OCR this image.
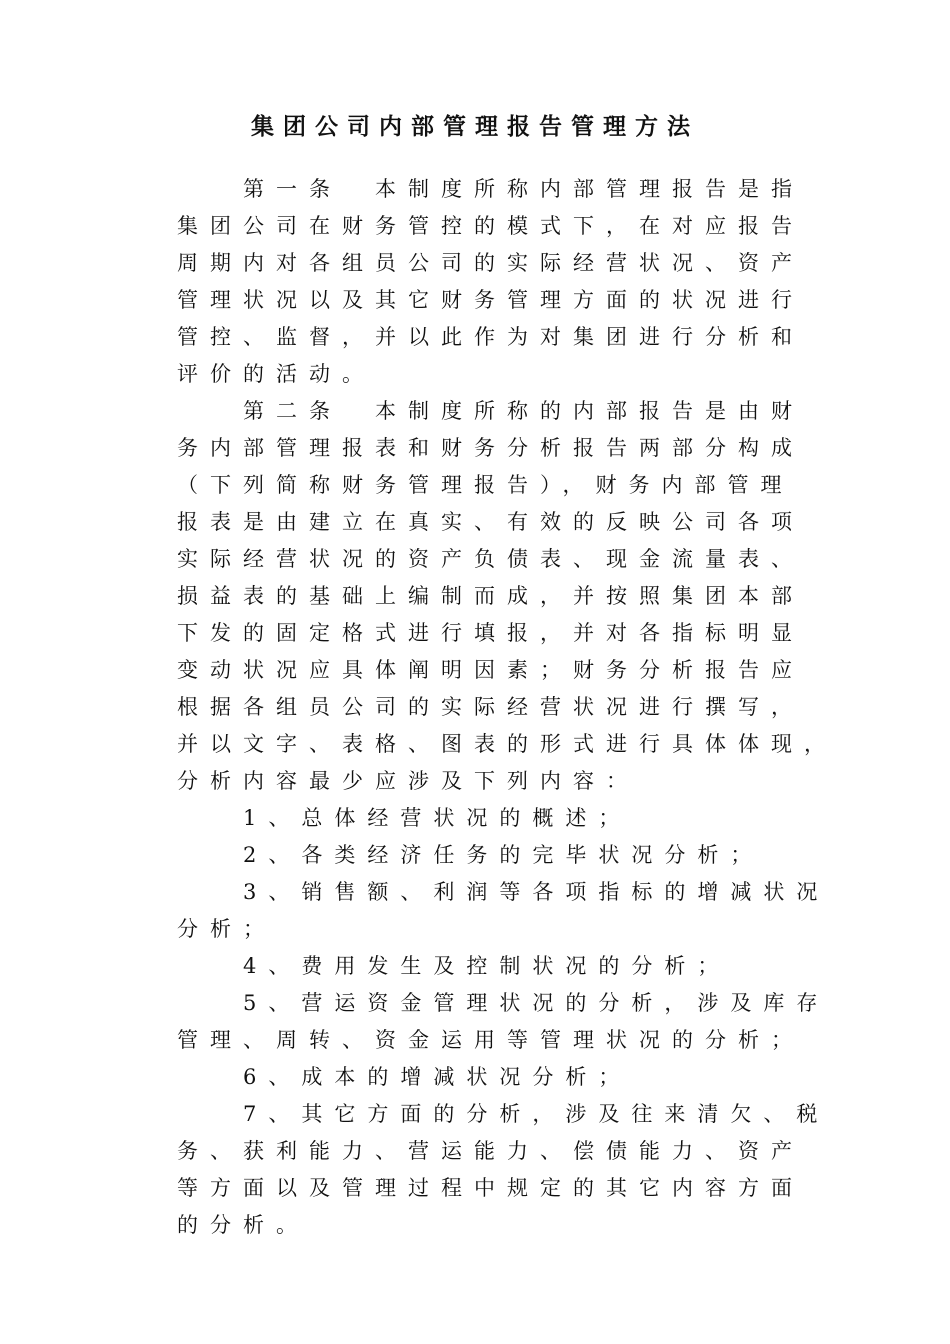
集团公司内部管理报告管理方法
第一条　本制度所称内部管理报告是指
集团公司在财务管控的模式下，在对应报告
周期内对各组员公司的实际经营状况、资产
管理状况以及其它财务管理方面的状况进行
管控、监督，并以此作为对集团进行分析和
评价的活动。
第二条　本制度所称的内部报告是由财
务内部管理报表和财务分析报告两部分构成
（下列简称财务管理报告），财务内部管理
报表是由建立在真实、有效的反映公司各项
实际经营状况的资产负债表、现金流量表、
损益表的基础上编制而成，并按照集团本部
下发的固定格式进行填报，并对各指标明显
变动状况应具体阐明因素；财务分析报告应
根据各组员公司的实际经营状况进行撰写，
并以文字、表格、图表的形式进行具体体现，
分析内容最少应涉及下列内容：
1、总体经营状况的概述；
2、各类经济任务的完毕状况分析；
3、销售额、利润等各项指标的增减状况
分析；
4、费用发生及控制状况的分析；
5、营运资金管理状况的分析，涉及库存
管理、周转、资金运用等管理状况的分析；
6、成本的增减状况分析；
7、其它方面的分析，涉及往来清欠、税
务、获利能力、营运能力、偿债能力、资产
等方面以及管理过程中规定的其它内容方面
的分析。
